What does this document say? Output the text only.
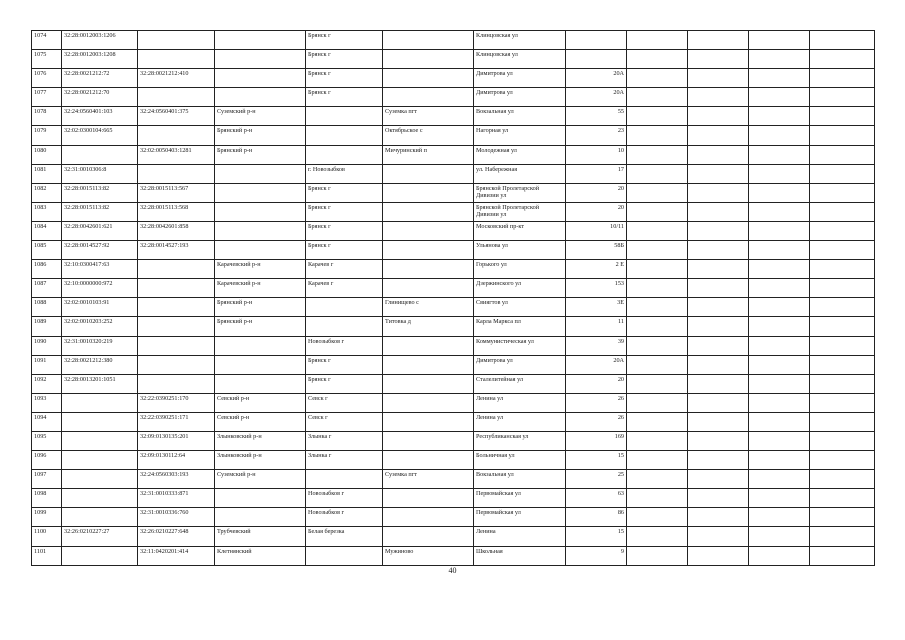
1074	32:28:0012003:1206			Брянск г		Клинцовская ул					
1075	32:28:0012003:1208			Брянск г		Клинцовская ул					
1076	32:28:0021212:72	32:28:0021212:410		Брянск г		Димитрова ул	20А				
1077	32:28:0021212:70			Брянск г		Димитрова ул	20А				
1078	32:24:0560401:103	32:24:0560401:375	Суземский р-н		Суземка пгт	Вокзальная ул	55				
1079	32:02:0300104:665		Брянский р-н		Октябрьское с	Нагорная ул	23				
1080		32:02:0050403:1281	Брянский р-н		Мичуринский п	Молодежная ул	10				
1081	32:31:0010306:8			г. Новозыбков		ул. Набережная	17				
1082	32:28:0015113:82	32:28:0015113:567		Брянск г		Брянской Пролетарской Дивизии ул	20				
1083	32:28:0015113:82	32:28:0015113:568		Брянск г		Брянской Пролетарской Дивизии ул	20				
1084	32:28:0042601:621	32:28:0042601:858		Брянск г		Московский пр-кт	10/11				
1085	32:28:0014527:92	32:28:0014527:193		Брянск г		Ульянова ул	58Б				
1086	32:10:0300417:63		Карачевский р-н	Карачев г		Горького ул	2 Е				
1087	32:10:0000000:972		Карачевский р-н	Карачев г		Дзержинского ул	153				
1088	32:02:0010103:91		Брянский р-н		Глинищево с	Свиягтов ул	3Е				
1089	32:02:0010203:252		Брянский р-н		Титовка д	Карла Маркса пл	11				
1090	32:31:0010320:219			Новозыбков г		Коммунистическая ул	39				
1091	32:28:0021212:380			Брянск г		Димитрова ул	20А				
1092	32:28:0013201:1051			Брянск г		Сталелитейная ул	20				
1093		32:22:0390251:170	Севский р-н	Севск г		Ленина ул	26				
1094		32:22:0390251:171	Севский р-н	Севск г		Ленина ул	26				
1095		32:09:0130135:201	Злынковский р-н	Злынка г		Республиканская ул	169				
1096		32:09:0130112:64	Злынковский р-н	Злынка г		Больничная ул	15				
1097		32:24:0560303:193	Суземский р-н		Суземка пгт	Вокзальная ул	25				
1098		32:31:0010333:871		Новозыбков г		Первомайская ул	63				
1099		32:31:0010336:760		Новозыбков г		Первомайская ул	86				
1100	32:26:0210227:27	32:26:0210227:648	Трубчевский	Белая березка		Ленина	15				
1101		32:11:0420201:414	Клетнянский		Мужиново	Школьная	9				
40
